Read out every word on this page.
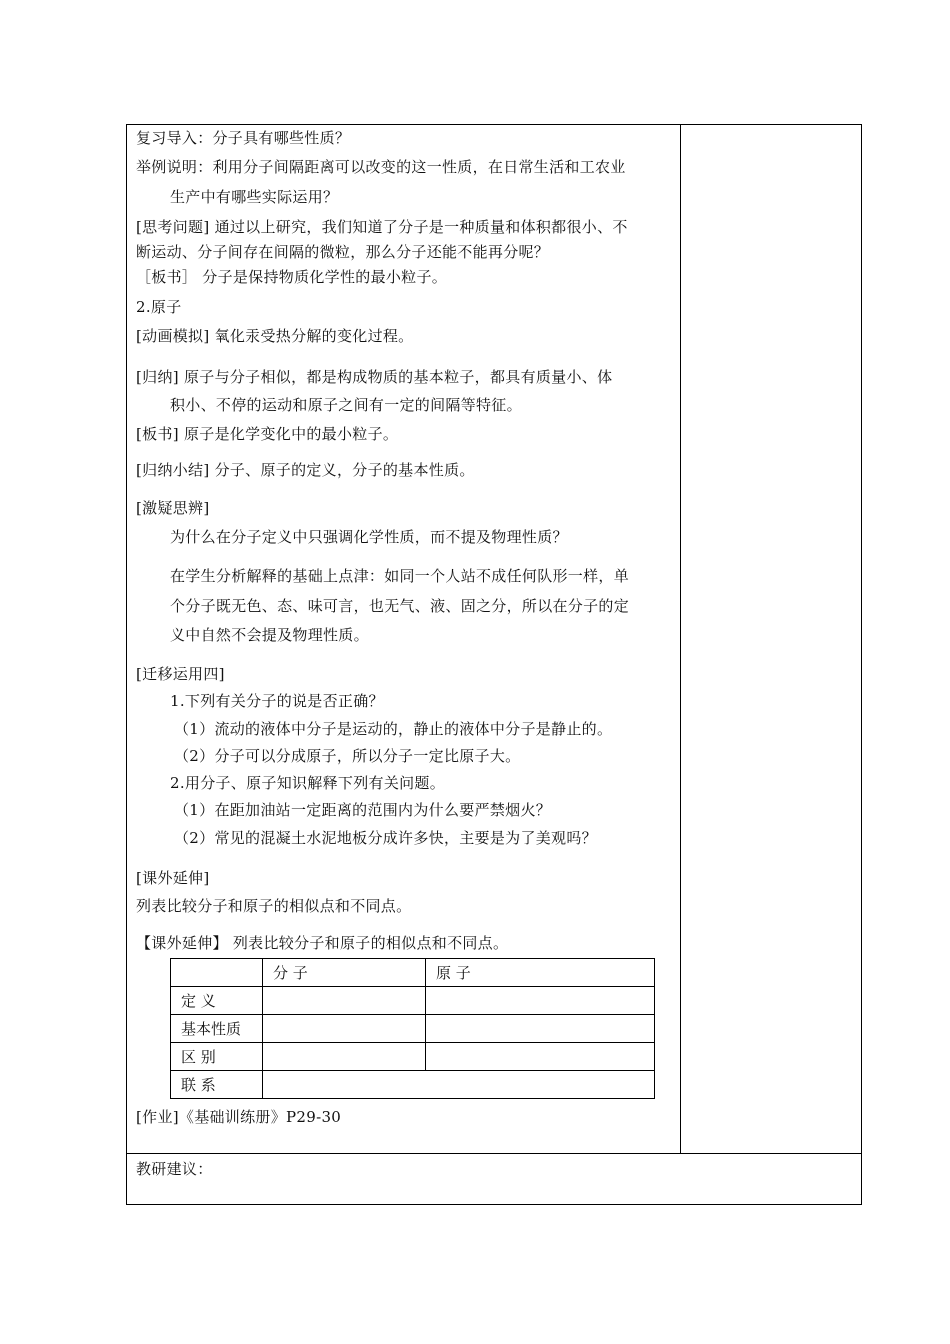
复习导入：分子具有哪些性质？
举例说明：利用分子间隔距离可以改变的这一性质，在日常生活和工农业
生产中有哪些实际运用？
[思考问题] 通过以上研究，我们知道了分子是一种质量和体积都很小、不
断运动、分子间存在间隔的微粒，那么分子还能不能再分呢？
［板书］ 分子是保持物质化学性的最小粒子。
2.原子
[动画模拟] 氧化汞受热分解的变化过程。
[归纳] 原子与分子相似，都是构成物质的基本粒子，都具有质量小、体
积小、不停的运动和原子之间有一定的间隔等特征。
[板书] 原子是化学变化中的最小粒子。
[归纳小结] 分子、原子的定义，分子的基本性质。
[激疑思辨]
为什么在分子定义中只强调化学性质，而不提及物理性质？
在学生分析解释的基础上点津：如同一个人站不成任何队形一样，单
个分子既无色、态、味可言，也无气、液、固之分，所以在分子的定
义中自然不会提及物理性质。
[迁移运用四]
1.下列有关分子的说是否正确？
（1）流动的液体中分子是运动的，静止的液体中分子是静止的。
（2）分子可以分成原子，所以分子一定比原子大。
2.用分子、原子知识解释下列有关问题。
（1）在距加油站一定距离的范围内为什么要严禁烟火？
（2）常见的混凝土水泥地板分成许多快，主要是为了美观吗？
[课外延伸]
列表比较分子和原子的相似点和不同点。
【课外延伸】 列表比较分子和原子的相似点和不同点。
	分 子	原 子
定 义		
基本性质		
区 别		
联 系		
[作业]《基础训练册》P29-30
教研建议：
